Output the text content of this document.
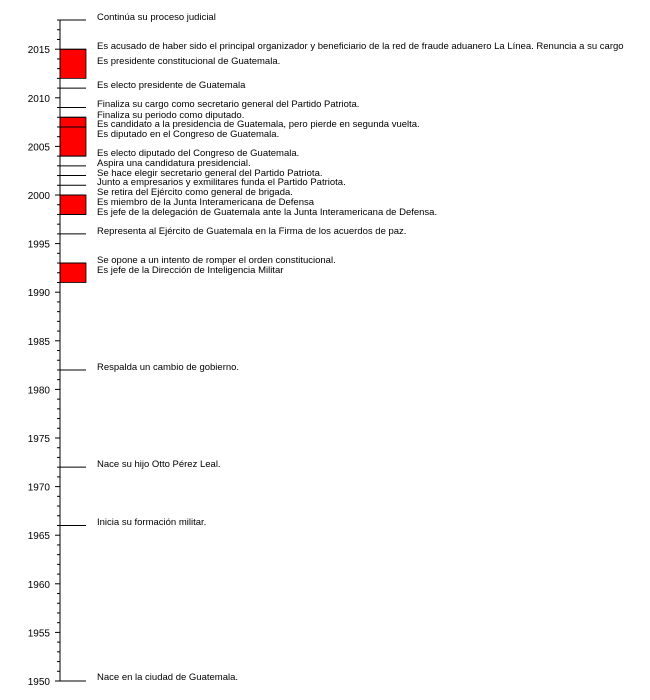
1950
1955
1960
1965
1970
1975
1980
1985
1990
1995
2000
2005
2010
2015
Continúa su proceso judicial
Es acusado de haber sido el principal organizador y beneficiario de la red de fraude aduanero La Línea. Renuncia a su cargo
Es presidente constitucional de Guatemala.
Es electo presidente de Guatemala
Finaliza su cargo como secretario general del Partido Patriota.
Finaliza su periodo como diputado.
Es candidato a la presidencia de Guatemala, pero pierde en segunda vuelta.
Es diputado en el Congreso de Guatemala.
Es electo diputado del Congreso de Guatemala.
Aspira una candidatura presidencial.
Se hace elegir secretario general del Partido Patriota.
Junto a empresarios y exmilitares funda el Partido Patriota.
Se retira del Ejército como general de brigada.
Es miembro de la Junta Interamericana de Defensa
Es jefe de la delegación de Guatemala ante la Junta Interamericana de Defensa.
Representa al Ejército de Guatemala en la Firma de los acuerdos de paz.
Se opone a un intento de romper el orden constitucional.
Es jefe de la Dirección de Inteligencia Militar
Respalda un cambio de gobierno.
Nace su hijo Otto Pérez Leal.
Inicia su formación militar.
Nace en la ciudad de Guatemala.
